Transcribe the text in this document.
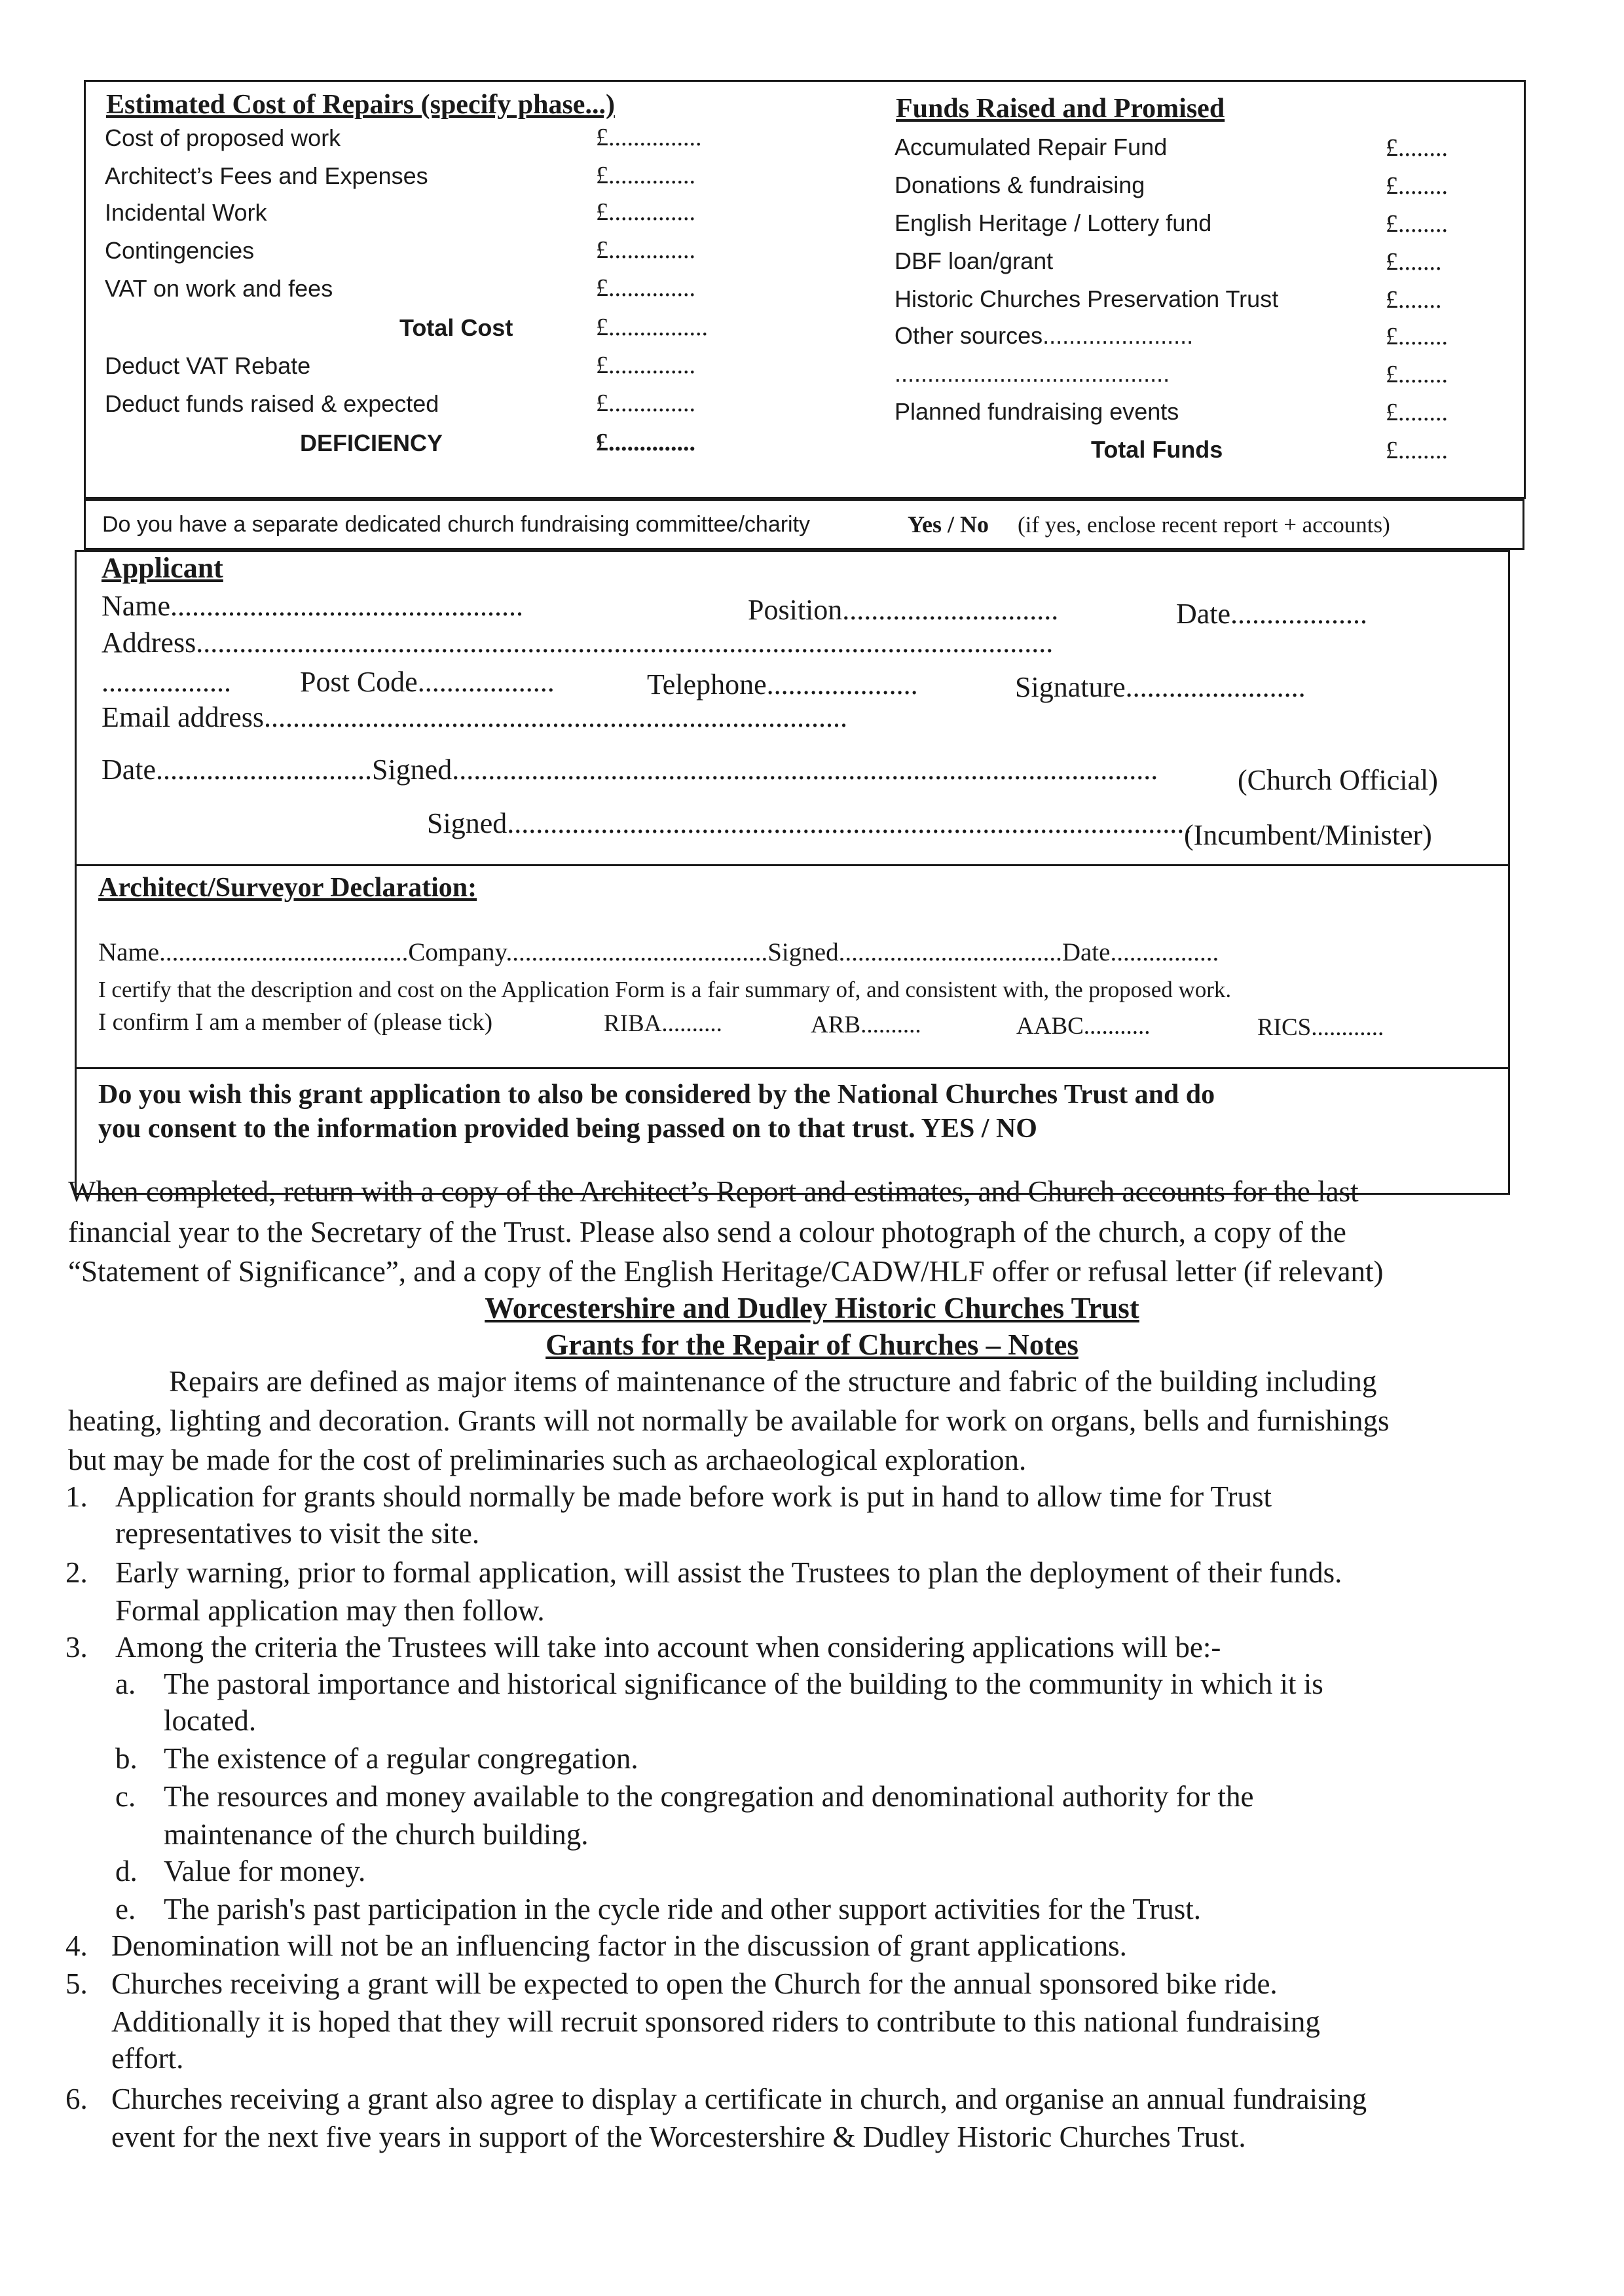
Estimated Cost of Repairs (specify phase...)
Cost of proposed work	£...............
Architect’s Fees and Expenses	£..............
Incidental Work	£..............
Contingencies	£..............
VAT on work and fees	£..............
Total Cost	£................
Deduct VAT Rebate	£..............
Deduct funds raised & expected	£..............
DEFICIENCY	£..............
Funds Raised and Promised
Accumulated Repair Fund	£........
Donations & fundraising	£........
English Heritage / Lottery fund	£........
DBF loan/grant	£.......
Historic Churches Preservation Trust	£.......
Other sources.......................	£........
..........................................	£........
Planned fundraising events	£........
Total Funds	£........
Do you have a separate dedicated church fundraising committee/charity	Yes / No (if yes, enclose recent report + accounts)
Applicant
Name.................................................	Position..............................	Date...................
Address.......................................................................................................................
.................. Post Code...................	Telephone.....................	Signature.........................
Email address.................................................................................
Date..............................Signed..................................................................................................	(Church Official)
Signed...............................................................................................
(Incumbent/Minister)
Architect/Surveyor Declaration:
Name.......................................Company.........................................Signed...................................Date.................
I certify that the description and cost on the Application Form is a fair summary of, and consistent with, the proposed work.
I confirm I am a member of (please tick)	RIBA..........	ARB..........	AABC...........	RICS............
Do you wish this grant application to also be considered by the National Churches Trust and do
you consent to the information provided being passed on to that trust. YES / NO
When completed, return with a copy of the Architect’s Report and estimates, and Church accounts for the last
financial year to the Secretary of the Trust. Please also send a colour photograph of the church, a copy of the
“Statement of Significance”, and a copy of the English Heritage/CADW/HLF offer or refusal letter (if relevant)
Worcestershire and Dudley Historic Churches Trust
Grants for the Repair of Churches – Notes
Repairs are defined as major items of maintenance of the structure and fabric of the building including
heating, lighting and decoration. Grants will not normally be available for work on organs, bells and furnishings
but may be made for the cost of preliminaries such as archaeological exploration.
1. Application for grants should normally be made before work is put in hand to allow time for Trust
representatives to visit the site.
2. Early warning, prior to formal application, will assist the Trustees to plan the deployment of their funds.
Formal application may then follow.
3. Among the criteria the Trustees will take into account when considering applications will be:-
a. The pastoral importance and historical significance of the building to the community in which it is
located.
b. The existence of a regular congregation.
c. The resources and money available to the congregation and denominational authority for the
maintenance of the church building.
d. Value for money.
e. The parish's past participation in the cycle ride and other support activities for the Trust.
4. Denomination will not be an influencing factor in the discussion of grant applications.
5. Churches receiving a grant will be expected to open the Church for the annual sponsored bike ride.
Additionally it is hoped that they will recruit sponsored riders to contribute to this national fundraising
effort.
6. Churches receiving a grant also agree to display a certificate in church, and organise an annual fundraising
event for the next five years in support of the Worcestershire & Dudley Historic Churches Trust.
